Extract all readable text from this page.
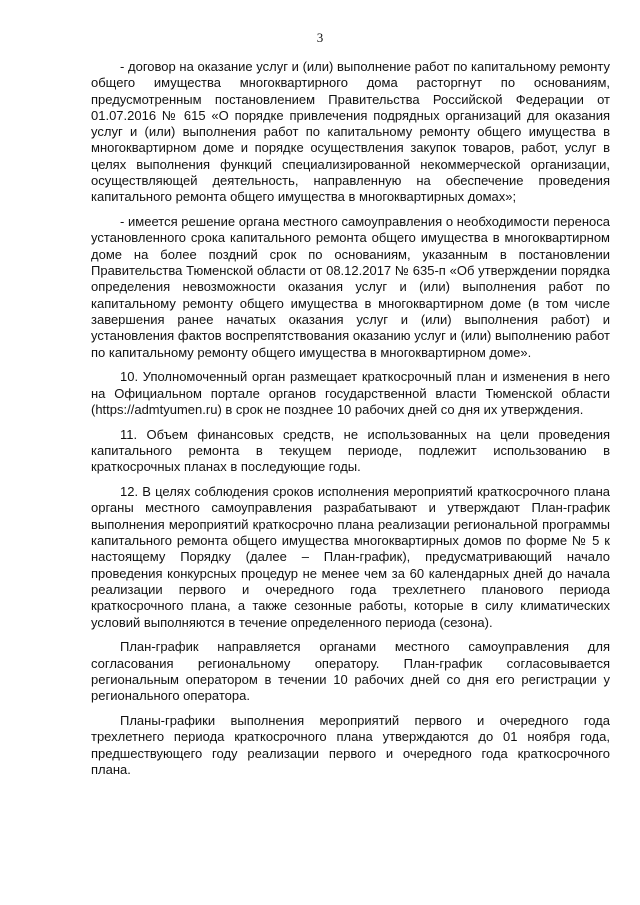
3

- договор на оказание услуг и (или) выполнение работ по капитальному ремонту общего имущества многоквартирного дома расторгнут по основаниям, предусмотренным постановлением Правительства Российской Федерации от 01.07.2016 № 615 «О порядке привлечения подрядных организаций для оказания услуг и (или) выполнения работ по капитальному ремонту общего имущества в многоквартирном доме и порядке осуществления закупок товаров, работ, услуг в целях выполнения функций специализированной некоммерческой организации, осуществляющей деятельность, направленную на обеспечение проведения капитального ремонта общего имущества в многоквартирных домах»;

- имеется решение органа местного самоуправления о необходимости переноса установленного срока капитального ремонта общего имущества в многоквартирном доме на более поздний срок по основаниям, указанным в постановлении Правительства Тюменской области от 08.12.2017 № 635-п «Об утверждении порядка определения невозможности оказания услуг и (или) выполнения работ по капитальному ремонту общего имущества в многоквартирном доме (в том числе завершения ранее начатых оказания услуг и (или) выполнения работ) и установления фактов воспрепятствования оказанию услуг и (или) выполнению работ по капитальному ремонту общего имущества в многоквартирном доме».

10. Уполномоченный орган размещает краткосрочный план и изменения в него на Официальном портале органов государственной власти Тюменской области (https://admtyumen.ru) в срок не позднее 10 рабочих дней со дня их утверждения.

11. Объем финансовых средств, не использованных на цели проведения капитального ремонта в текущем периоде, подлежит использованию в краткосрочных планах в последующие годы.

12. В целях соблюдения сроков исполнения мероприятий краткосрочного плана органы местного самоуправления разрабатывают и утверждают План-график выполнения мероприятий краткосрочно плана реализации региональной программы капитального ремонта общего имущества многоквартирных домов по форме № 5 к настоящему Порядку (далее – План-график), предусматривающий начало проведения конкурсных процедур не менее чем за 60 календарных дней до начала реализации первого и очередного года трехлетнего планового периода краткосрочного плана, а также сезонные работы, которые в силу климатических условий выполняются в течение определенного периода (сезона).

План-график направляется органами местного самоуправления для согласования региональному оператору. План-график согласовывается региональным оператором в течении 10 рабочих дней со дня его регистрации у регионального оператора.

Планы-графики выполнения мероприятий первого и очередного года трехлетнего периода краткосрочного плана утверждаются до 01 ноября года, предшествующего году реализации первого и очередного года краткосрочного плана.
